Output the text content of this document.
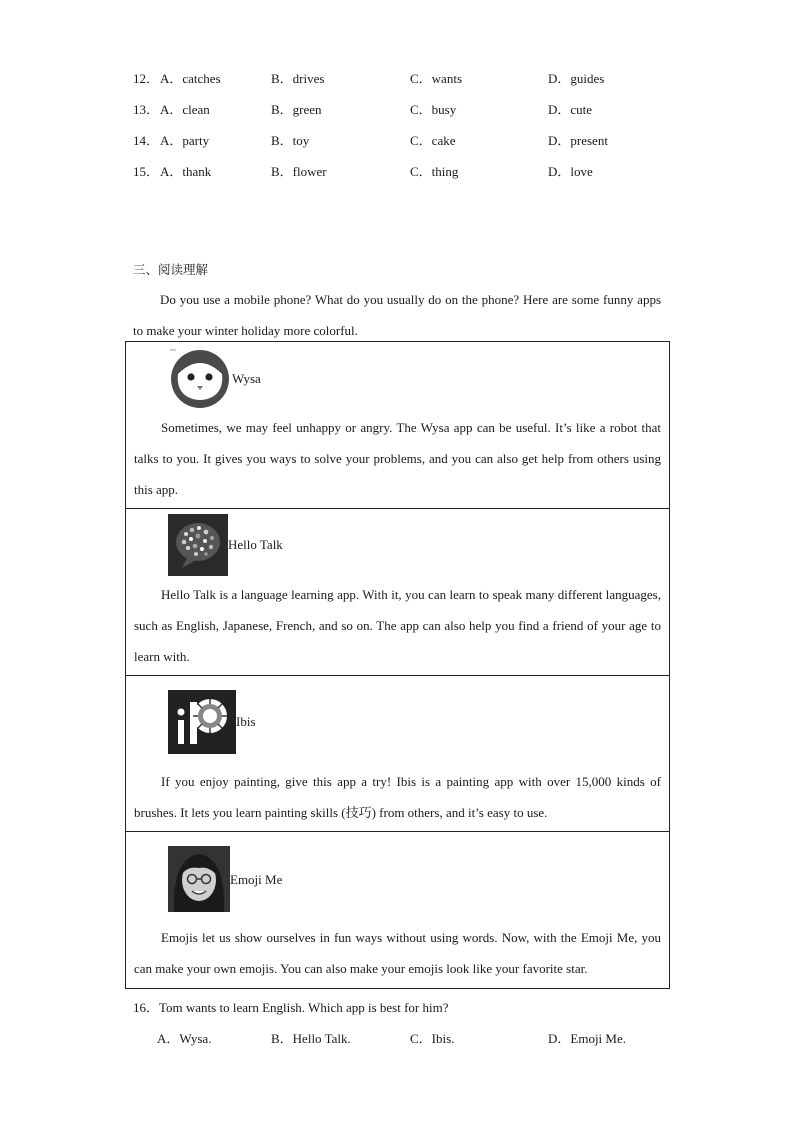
12． A．catches	B．drives	C．wants	D．guides
13． A．clean	B．green	C．busy	D．cute
14． A．party	B．toy	C．cake	D．present
15． A．thank	B．flower	C．thing	D．love
三、阅读理解
Do you use a mobile phone? What do you usually do on the phone? Here are some funny apps to make your winter holiday more colorful.
Wysa
Sometimes, we may feel unhappy or angry. The Wysa app can be useful. It’s like a robot that talks to you. It gives you ways to solve your problems, and you can also get help from others using this app.
Hello Talk
Hello Talk is a language learning app. With it, you can learn to speak many different languages, such as English, Japanese, French, and so on. The app can also help you find a friend of your age to learn with.
Ibis
If you enjoy painting, give this app a try! Ibis is a painting app with over 15,000 kinds of brushes. It lets you learn painting skills (技巧) from others, and it’s easy to use.
Emoji Me
Emojis let us show ourselves in fun ways without using words. Now, with the Emoji Me, you can make your own emojis. You can also make your emojis look like your favorite star.
16．Tom wants to learn English. Which app is best for him?
A．Wysa.	B．Hello Talk.	C．Ibis.	D．Emoji Me.
